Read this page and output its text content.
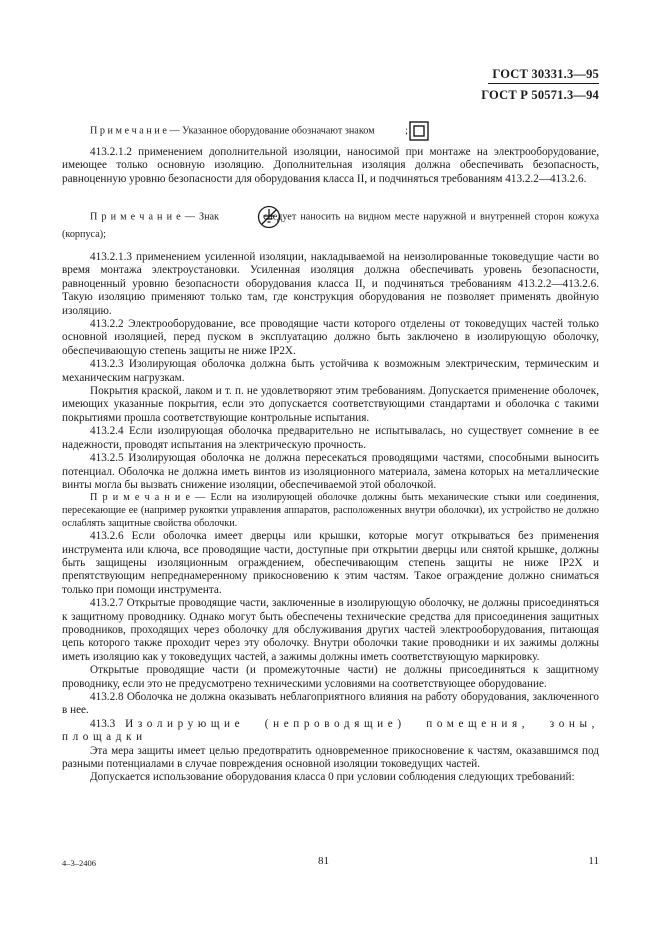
ГОСТ 30331.3—95
ГОСТ Р 50571.3—94

П р и м е ч а н и е — Указанное оборудование обозначают знаком	;

413.2.1.2 применением дополнительной изоляции, наносимой при монтаже на электрооборудование, имеющее только основную изоляцию. Дополнительная изоляция должна обеспечивать безопасность, равноценную уровню безопасности для оборудования класса II, и подчиняться требованиям 413.2.2—413.2.6.

П р и м е ч а н и е — Знак	следует наносить на видном месте наружной и внутренней сторон кожуха (корпуса);

413.2.1.3 применением усиленной изоляции, накладываемой на неизолированные токоведущие части во время монтажа электроустановки. Усиленная изоляция должна обеспечивать уровень безопасности, равноценный уровню безопасности оборудования класса II, и подчиняться требованиям 413.2.2—413.2.6. Такую изоляцию применяют только там, где конструкция оборудования не позволяет применять двойную изоляцию.

413.2.2 Электрооборудование, все проводящие части которого отделены от токоведущих частей только основной изоляцией, перед пуском в эксплуатацию должно быть заключено в изолирующую оболочку, обеспечивающую степень защиты не ниже IP2X.

413.2.3 Изолирующая оболочка должна быть устойчива к возможным электрическим, термическим и механическим нагрузкам.

Покрытия краской, лаком и т. п. не удовлетворяют этим требованиям. Допускается применение оболочек, имеющих указанные покрытия, если это допускается соответствующими стандартами и оболочка с такими покрытиями прошла соответствующие контрольные испытания.

413.2.4 Если изолирующая оболочка предварительно не испытывалась, но существует сомнение в ее надежности, проводят испытания на электрическую прочность.

413.2.5 Изолирующая оболочка не должна пересекаться проводящими частями, способными выносить потенциал. Оболочка не должна иметь винтов из изоляционного материала, замена которых на металлические винты могла бы вызвать снижение изоляции, обеспечиваемой этой оболочкой.

П р и м е ч а н и е — Если на изолирующей оболочке должны быть механические стыки или соединения, пересекающие ее (например рукоятки управления аппаратов, расположенных внутри оболочки), их устройство не должно ослаблять защитные свойства оболочки.

413.2.6 Если оболочка имеет дверцы или крышки, которые могут открываться без применения инструмента или ключа, все проводящие части, доступные при открытии дверцы или снятой крышке, должны быть защищены изоляционным ограждением, обеспечивающим степень защиты не ниже IP2X и препятствующим непреднамеренному прикосновению к этим частям. Такое ограждение должно сниматься только при помощи инструмента.

413.2.7 Открытые проводящие части, заключенные в изолирующую оболочку, не должны присоединяться к защитному проводнику. Однако могут быть обеспечены технические средства для присоединения защитных проводников, проходящих через оболочку для обслуживания других частей электрооборудования, питающая цепь которого также проходит через эту оболочку. Внутри оболочки такие проводники и их зажимы должны иметь изоляцию как у токоведущих частей, а зажимы должны иметь соответствующую маркировку.

Открытые проводящие части (и промежуточные части) не должны присоединяться к защитному проводнику, если это не предусмотрено техническими условиями на соответствующее оборудование.

413.2.8 Оболочка не должна оказывать неблагоприятного влияния на работу оборудования, заключенного в нее.

413.3 Изолирующие (непроводящие) помещения, зоны, площадки

Эта мера защиты имеет целью предотвратить одновременное прикосновение к частям, оказавшимся под разными потенциалами в случае повреждения основной изоляции токоведущих частей.

Допускается использование оборудования класса 0 при условии соблюдения следующих требований:

4–3–2406	81	11
